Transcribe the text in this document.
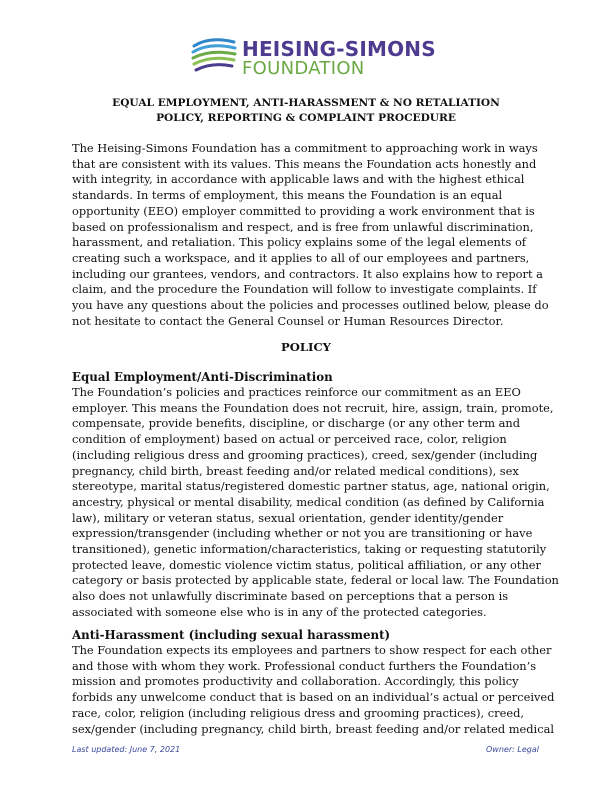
HEISING-SIMONS
FOUNDATION
EQUAL EMPLOYMENT, ANTI-HARASSMENT & NO RETALIATION
POLICY, REPORTING & COMPLAINT PROCEDURE
The Heising-Simons Foundation has a commitment to approaching work in ways
that are consistent with its values. This means the Foundation acts honestly and
with integrity, in accordance with applicable laws and with the highest ethical
standards. In terms of employment, this means the Foundation is an equal
opportunity (EEO) employer committed to providing a work environment that is
based on professionalism and respect, and is free from unlawful discrimination,
harassment, and retaliation. This policy explains some of the legal elements of
creating such a workspace, and it applies to all of our employees and partners,
including our grantees, vendors, and contractors. It also explains how to report a
claim, and the procedure the Foundation will follow to investigate complaints. If
you have any questions about the policies and processes outlined below, please do
not hesitate to contact the General Counsel or Human Resources Director.
POLICY
Equal Employment/Anti-Discrimination
The Foundation’s policies and practices reinforce our commitment as an EEO
employer. This means the Foundation does not recruit, hire, assign, train, promote,
compensate, provide benefits, discipline, or discharge (or any other term and
condition of employment) based on actual or perceived race, color, religion
(including religious dress and grooming practices), creed, sex/gender (including
pregnancy, child birth, breast feeding and/or related medical conditions), sex
stereotype, marital status/registered domestic partner status, age, national origin,
ancestry, physical or mental disability, medical condition (as defined by California
law), military or veteran status, sexual orientation, gender identity/gender
expression/transgender (including whether or not you are transitioning or have
transitioned), genetic information/characteristics, taking or requesting statutorily
protected leave, domestic violence victim status, political affiliation, or any other
category or basis protected by applicable state, federal or local law. The Foundation
also does not unlawfully discriminate based on perceptions that a person is
associated with someone else who is in any of the protected categories.
Anti-Harassment (including sexual harassment)
The Foundation expects its employees and partners to show respect for each other
and those with whom they work. Professional conduct furthers the Foundation’s
mission and promotes productivity and collaboration. Accordingly, this policy
forbids any unwelcome conduct that is based on an individual’s actual or perceived
race, color, religion (including religious dress and grooming practices), creed,
sex/gender (including pregnancy, child birth, breast feeding and/or related medical
Last updated: June 7, 2021	Owner: Legal
